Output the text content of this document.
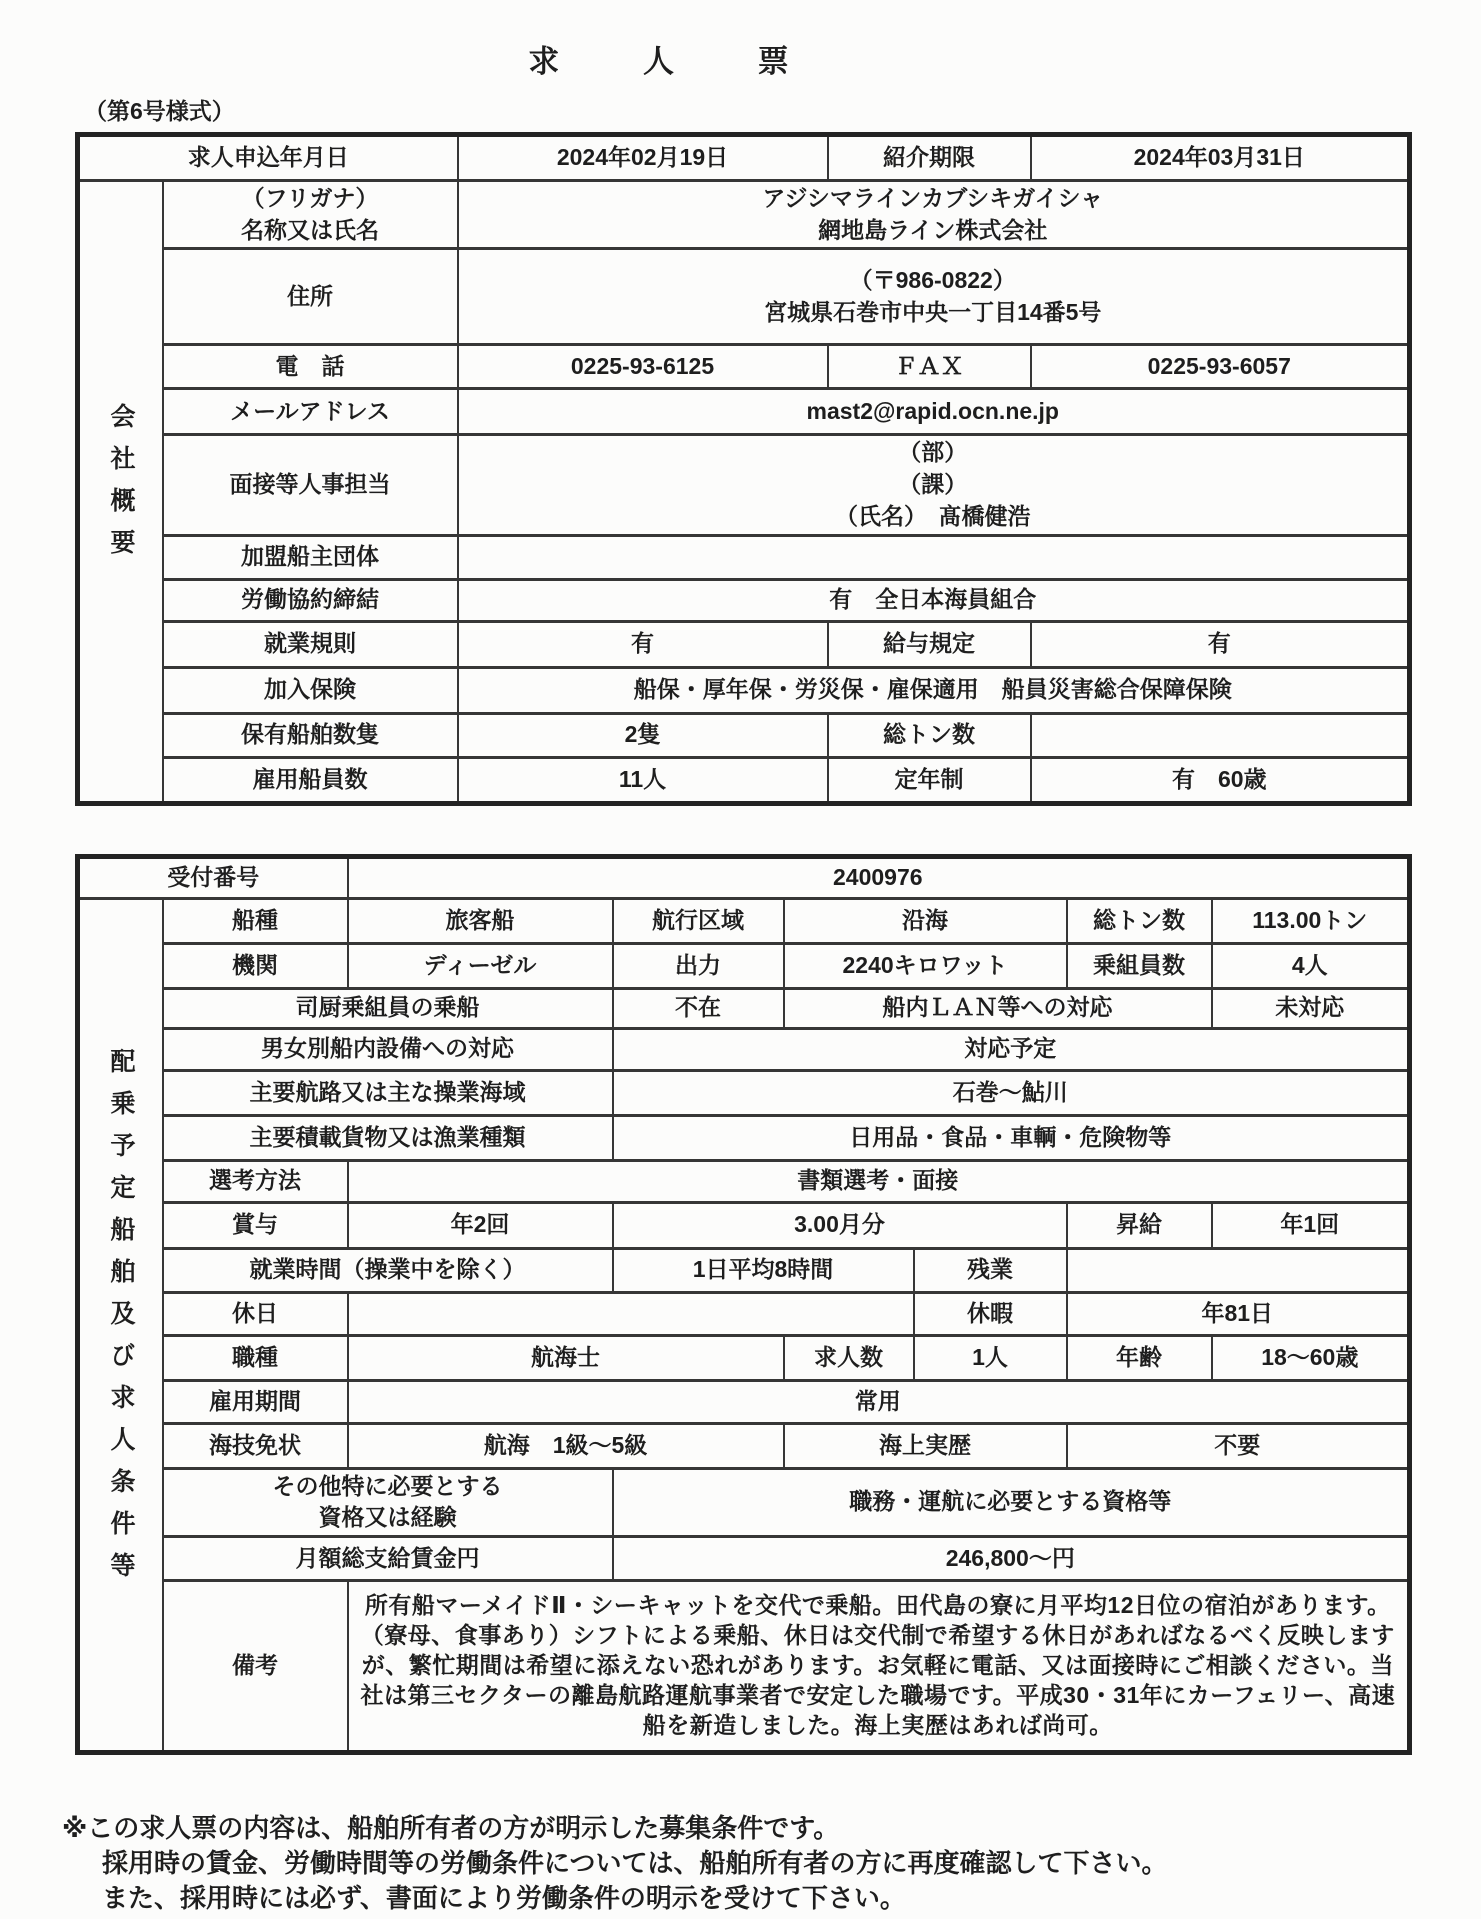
求人票
（第6号様式）
求人申込年月日		2024年02月19日	紹介期限	2024年03月31日
会社概要	（フリガナ）
名称又は氏名	アジシマラインカブシキガイシャ
網地島ライン株式会社		

	住所	（〒986-0822）
宮城県石巻市中央一丁目14番5号		

	電　話	0225-93-6125	ＦＡＸ	0225-93-6057
	メールアドレス	mast2@rapid.ocn.ne.jp		
	面接等人事担当	（部）
（課）
（氏名）　髙橋健浩		

	加盟船主団体			
	労働協約締結	有　全日本海員組合		
	就業規則	有	給与規定	有
	加入保険	船保・厚年保・労災保・雇保適用　船員災害総合保障保険		
	保有船舶数隻	2隻	総トン数	
	雇用船員数	11人	定年制	有　60歳
受付番号		2400976					
配乗予定船舶及び求人条件等	船種	旅客船	航行区域	沿海		総トン数	113.00トン
	機関	ディーゼル	出力	2240キロワット		乗組員数	4人
	司厨乗組員の乗船		不在	船内ＬＡＮ等への対応			未対応
	男女別船内設備への対応		対応予定				
	主要航路又は主な操業海域		石巻～鮎川				
	主要積載貨物又は漁業種類		日用品・食品・車輌・危険物等				
	選考方法	書類選考・面接					
	賞与	年2回	3.00月分			昇給	年1回
	就業時間（操業中を除く）		1日平均8時間		残業		
	休日				休暇	年81日	
	職種	航海士		求人数	1人	年齢	18～60歳
	雇用期間	常用					
	海技免状	航海　1級～5級		海上実歴		不要	

	その他特に必要とする
資格又は経験		職務・運航に必要とする資格等				
	月額総支給賃金円		246,800～円				
	備考	所有船マーメイドⅡ・シーキャットを交代で乗船。田代島の寮に月平均12日位の宿泊があります。（寮母、食事あり）シフトによる乗船、休日は交代制で希望する休日があればなるべく反映しますが、繁忙期間は希望に添えない恐れがあります。お気軽に電話、又は面接時にご相談ください。当社は第三セクターの離島航路運航事業者で安定した職場です。平成30・31年にカーフェリー、高速船を新造しました。海上実歴はあれば尚可。					
※この求人票の内容は、船舶所有者の方が明示した募集条件です。
採用時の賃金、労働時間等の労働条件については、船舶所有者の方に再度確認して下さい。
また、採用時には必ず、書面により労働条件の明示を受けて下さい。
